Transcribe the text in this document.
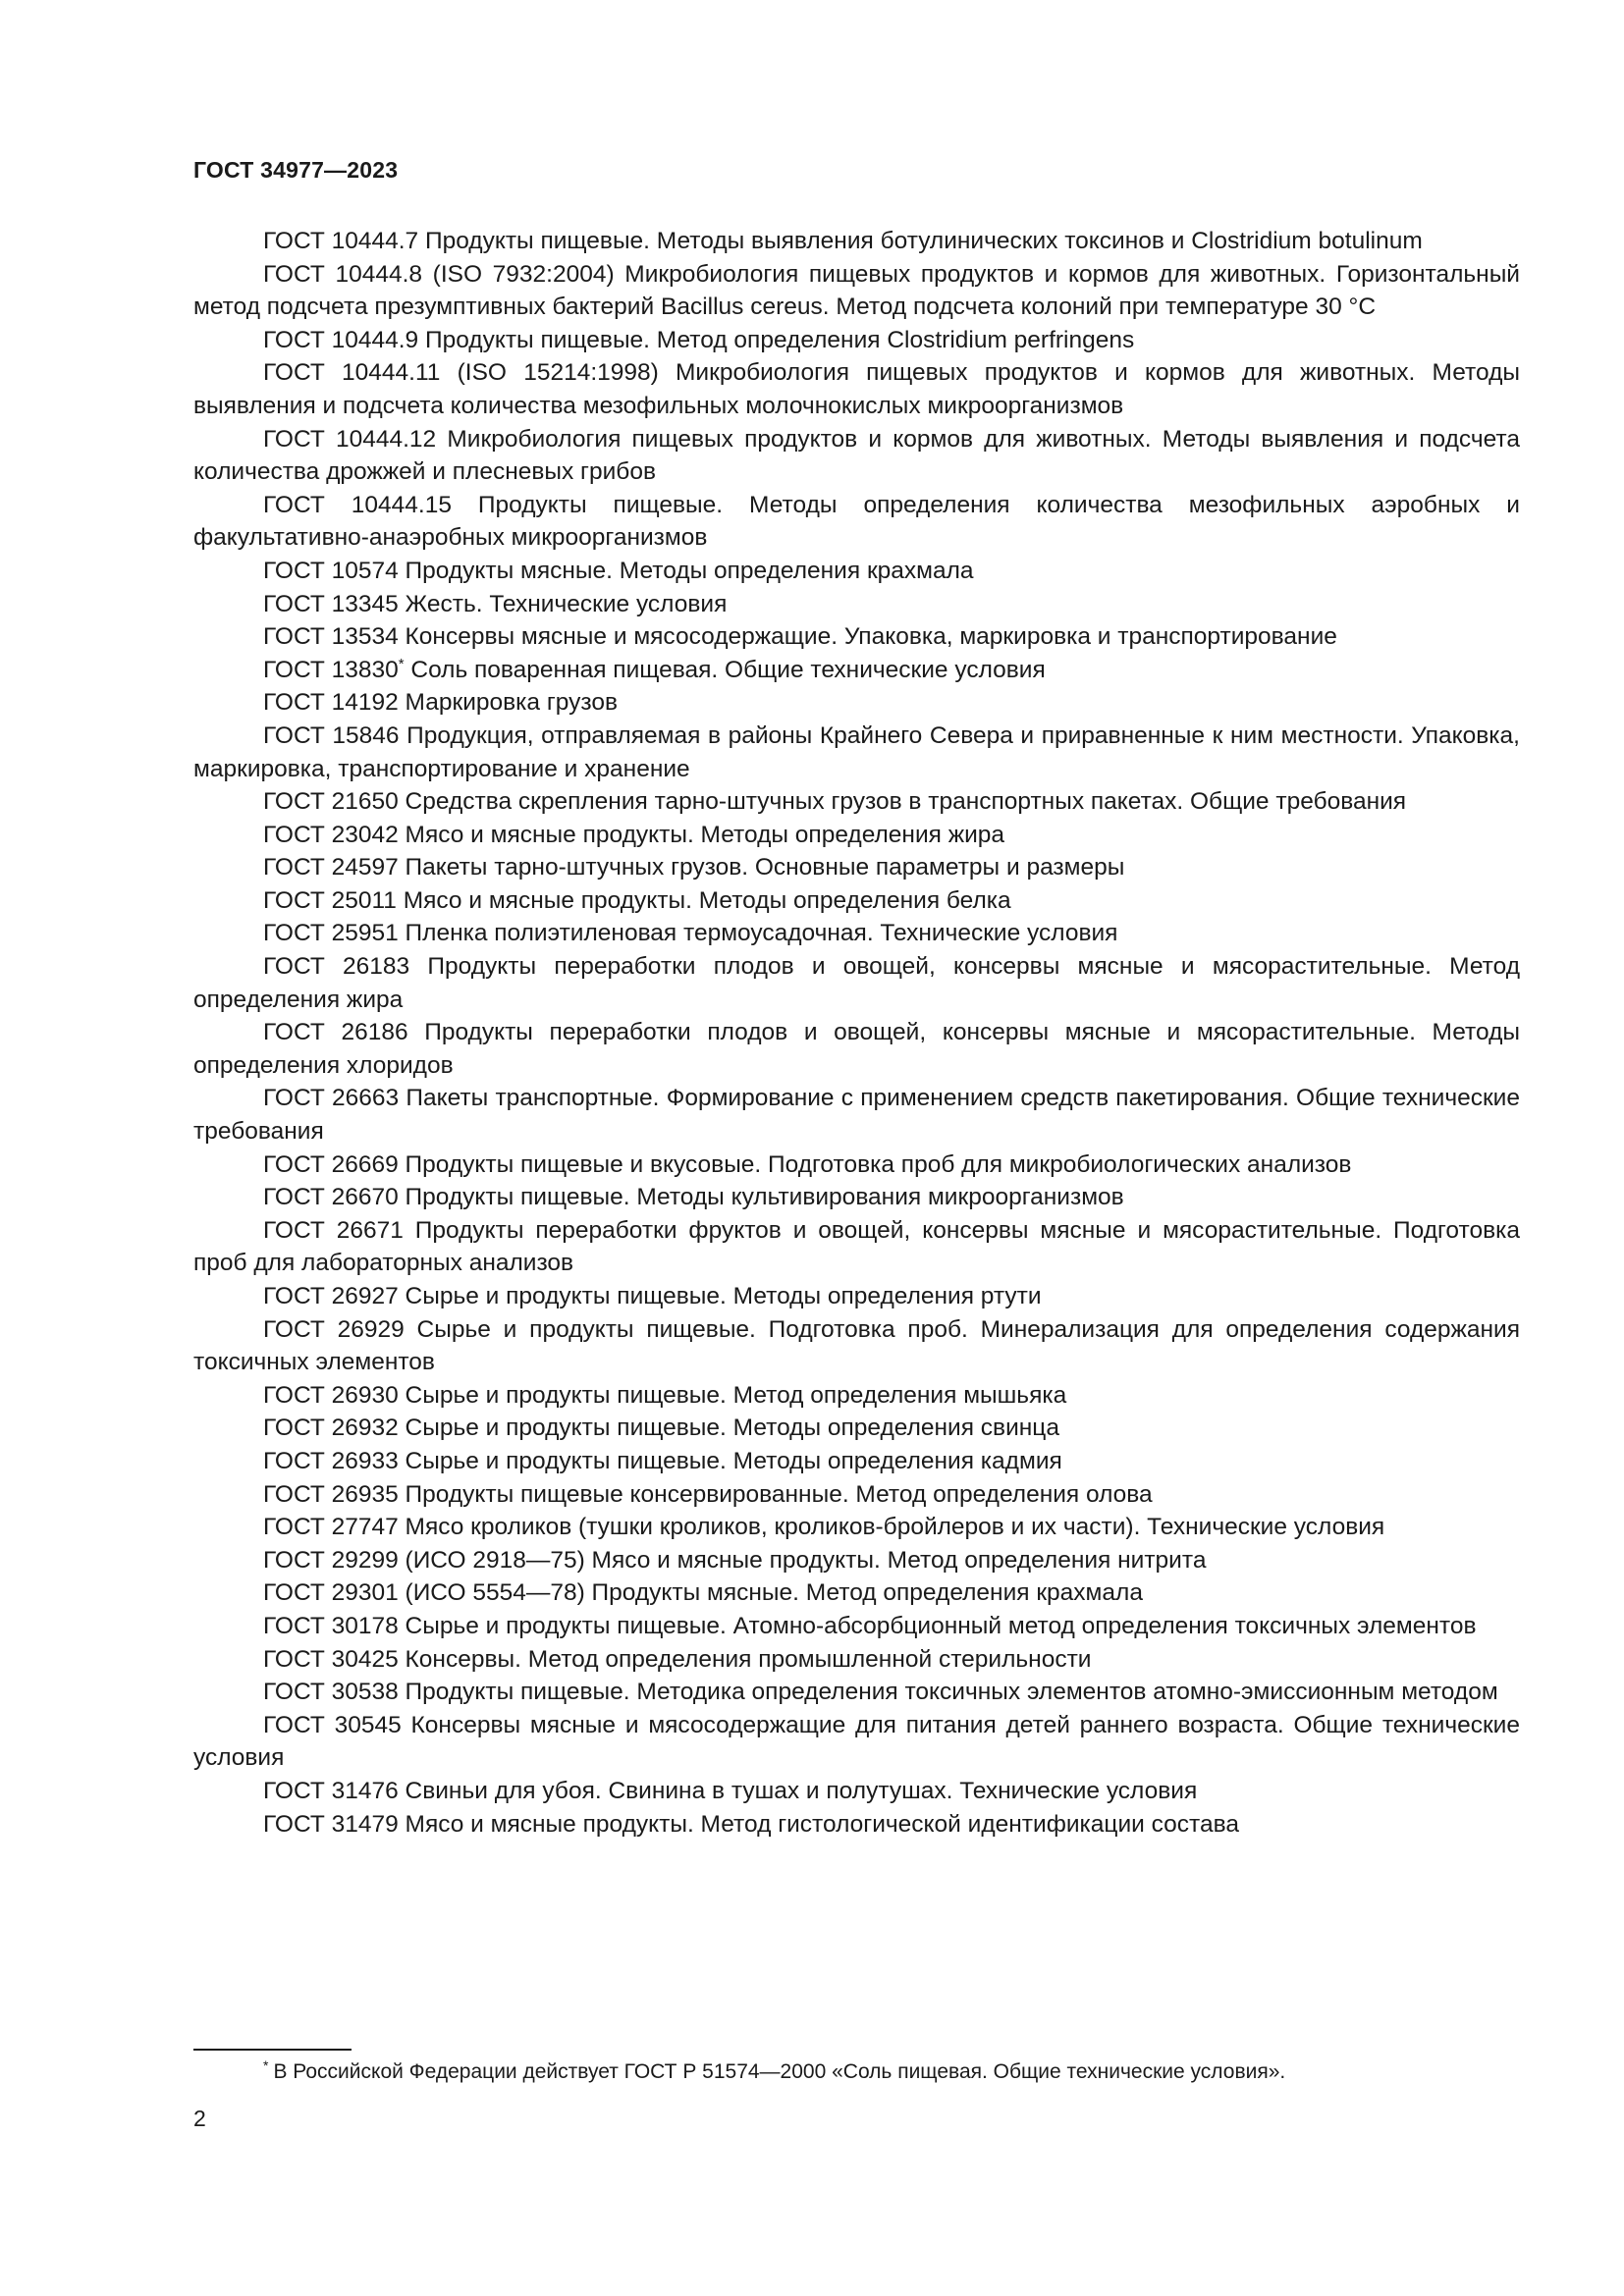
ГОСТ 34977—2023

ГОСТ 10444.7 Продукты пищевые. Методы выявления ботулинических токсинов и Clostridium botulinum

ГОСТ 10444.8 (ISO 7932:2004) Микробиология пищевых продуктов и кормов для животных. Горизонтальный метод подсчета презумптивных бактерий Bacillus cereus. Метод подсчета колоний при температуре 30 °С

ГОСТ 10444.9 Продукты пищевые. Метод определения Clostridium perfringens

ГОСТ 10444.11 (ISO 15214:1998) Микробиология пищевых продуктов и кормов для животных. Методы выявления и подсчета количества мезофильных молочнокислых микроорганизмов

ГОСТ 10444.12 Микробиология пищевых продуктов и кормов для животных. Методы выявления и подсчета количества дрожжей и плесневых грибов

ГОСТ 10444.15 Продукты пищевые. Методы определения количества мезофильных аэробных и факультативно-анаэробных микроорганизмов

ГОСТ 10574 Продукты мясные. Методы определения крахмала

ГОСТ 13345 Жесть. Технические условия

ГОСТ 13534 Консервы мясные и мясосодержащие. Упаковка, маркировка и транспортирование

ГОСТ 13830* Соль поваренная пищевая. Общие технические условия

ГОСТ 14192 Маркировка грузов

ГОСТ 15846 Продукция, отправляемая в районы Крайнего Севера и приравненные к ним местности. Упаковка, маркировка, транспортирование и хранение

ГОСТ 21650 Средства скрепления тарно-штучных грузов в транспортных пакетах. Общие требования

ГОСТ 23042 Мясо и мясные продукты. Методы определения жира

ГОСТ 24597 Пакеты тарно-штучных грузов. Основные параметры и размеры

ГОСТ 25011 Мясо и мясные продукты. Методы определения белка

ГОСТ 25951 Пленка полиэтиленовая термоусадочная. Технические условия

ГОСТ 26183 Продукты переработки плодов и овощей, консервы мясные и мясорастительные. Метод определения жира

ГОСТ 26186 Продукты переработки плодов и овощей, консервы мясные и мясорастительные. Методы определения хлоридов

ГОСТ 26663 Пакеты транспортные. Формирование с применением средств пакетирования. Общие технические требования

ГОСТ 26669 Продукты пищевые и вкусовые. Подготовка проб для микробиологических анализов

ГОСТ 26670 Продукты пищевые. Методы культивирования микроорганизмов

ГОСТ 26671 Продукты переработки фруктов и овощей, консервы мясные и мясорастительные. Подготовка проб для лабораторных анализов

ГОСТ 26927 Сырье и продукты пищевые. Методы определения ртути

ГОСТ 26929 Сырье и продукты пищевые. Подготовка проб. Минерализация для определения содержания токсичных элементов

ГОСТ 26930 Сырье и продукты пищевые. Метод определения мышьяка

ГОСТ 26932 Сырье и продукты пищевые. Методы определения свинца

ГОСТ 26933 Сырье и продукты пищевые. Методы определения кадмия

ГОСТ 26935 Продукты пищевые консервированные. Метод определения олова

ГОСТ 27747 Мясо кроликов (тушки кроликов, кроликов-бройлеров и их части). Технические условия

ГОСТ 29299 (ИСО 2918—75) Мясо и мясные продукты. Метод определения нитрита

ГОСТ 29301 (ИСО 5554—78) Продукты мясные. Метод определения крахмала

ГОСТ 30178 Сырье и продукты пищевые. Атомно-абсорбционный метод определения токсичных элементов

ГОСТ 30425 Консервы. Метод определения промышленной стерильности

ГОСТ 30538 Продукты пищевые. Методика определения токсичных элементов атомно-эмиссионным методом

ГОСТ 30545 Консервы мясные и мясосодержащие для питания детей раннего возраста. Общие технические условия

ГОСТ 31476 Свиньи для убоя. Свинина в тушах и полутушах. Технические условия

ГОСТ 31479 Мясо и мясные продукты. Метод гистологической идентификации состава

* В Российской Федерации действует ГОСТ Р 51574—2000 «Соль пищевая. Общие технические условия».
2
